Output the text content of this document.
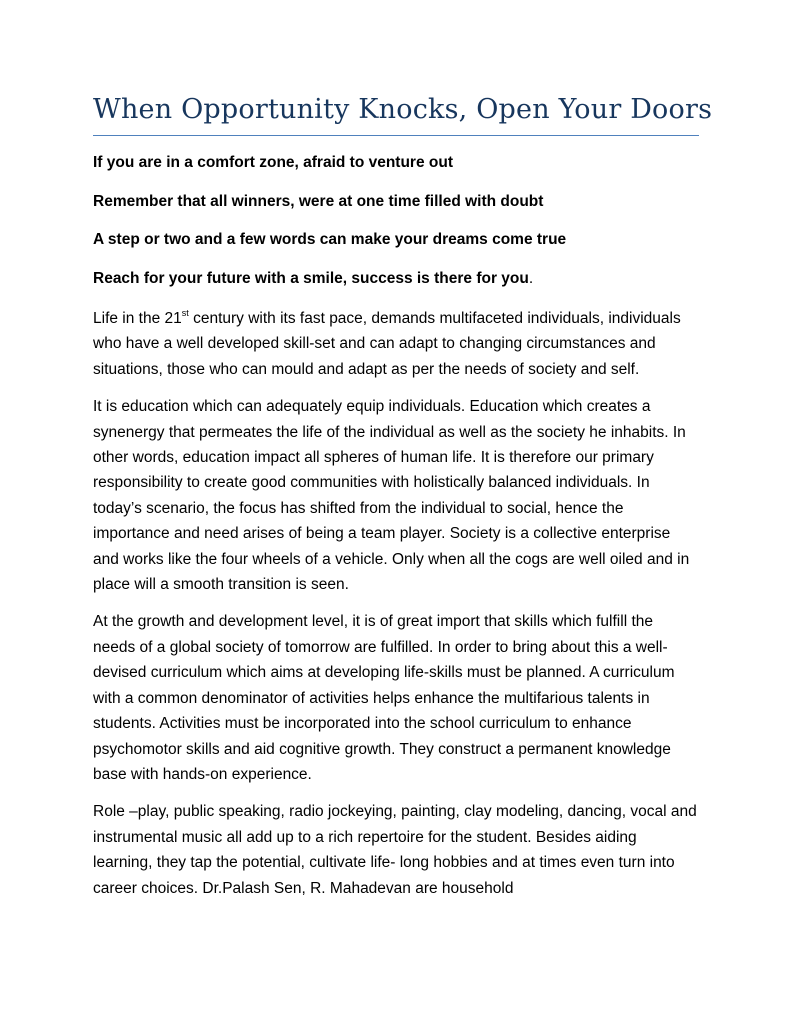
When Opportunity Knocks, Open Your Doors
If you are in a comfort zone, afraid to venture out
Remember that all winners, were at one time filled with doubt
A step or two and a few words can make your dreams come true
Reach for your future with a smile, success is there for you.

Life in the 21st century with its fast pace, demands multifaceted individuals, individuals who have a well developed skill-set and can adapt to changing circumstances and situations, those who can mould and adapt as per the needs of society and self.

It is education which can adequately equip individuals. Education which creates a synenergy that permeates the life of the individual as well as the society he inhabits. In other words, education impact all spheres of human life. It is therefore our primary responsibility to create good communities with holistically balanced individuals. In today’s scenario, the focus has shifted from the individual to social, hence the importance and need arises of being a team player. Society is a collective enterprise and works like the four wheels of a vehicle. Only when all the cogs are well oiled and in place will a smooth transition is seen.

At the growth and development level, it is of great import that skills which fulfill the needs of a global society of tomorrow are fulfilled. In order to bring about this a well- devised curriculum which aims at developing life-skills must be planned. A curriculum with a common denominator of activities helps enhance the multifarious talents in students. Activities must be incorporated into the school curriculum to enhance psychomotor skills and aid cognitive growth. They construct a permanent knowledge base with hands-on experience.

Role –play, public speaking, radio jockeying, painting, clay modeling, dancing, vocal and instrumental music all add up to a rich repertoire for the student. Besides aiding learning, they tap the potential, cultivate life- long hobbies and at times even turn into career choices. Dr.Palash Sen, R. Mahadevan are household
